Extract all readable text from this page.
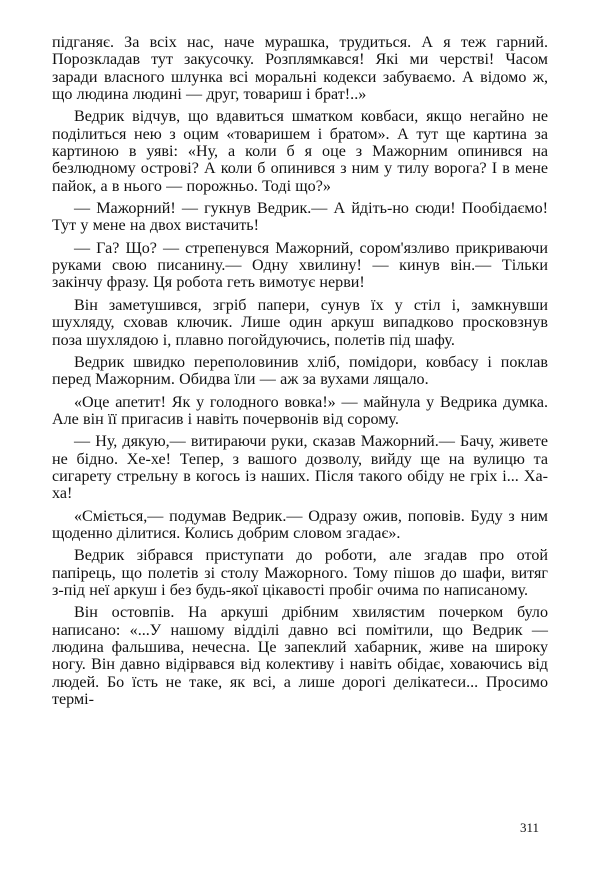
підганяє. За всіх нас, наче мурашка, трудиться. А я теж гарний. Порозкладав тут закусочку. Розплямкався! Які ми черстві! Часом заради власного шлунка всі моральні кодекси забуваємо. А відомо ж, що людина людині — друг, товариш і брат!..»

Ведрик відчув, що вдавиться шматком ковбаси, якщо негайно не поділиться нею з оцим «товаришем і братом». А тут ще картина за картиною в уяві: «Ну, а коли б я оце з Мажорним опинився на безлюдному острові? А коли б опинився з ним у тилу ворога? І в мене пайок, а в нього — порожньо. Тоді що?»

— Мажорний! — гукнув Ведрик.— А йдіть-но сюди! Пообідаємо! Тут у мене на двох вистачить!

— Га? Що? — стрепенувся Мажорний, сором'язливо прикриваючи руками свою писанину.— Одну хвилину! — кинув він.— Тільки закінчу фразу. Ця робота геть вимотує нерви!

Він заметушився, згріб папери, сунув їх у стіл і, замкнувши шухляду, сховав ключик. Лише один аркуш випадково просковзнув поза шухлядою і, плавно погойдуючись, полетів під шафу.

Ведрик швидко переполовинив хліб, помідори, ковбасу і поклав перед Мажорним. Обидва їли — аж за вухами лящало.

«Оце апетит! Як у голодного вовка!» — майнула у Ведрика думка. Але він її пригасив і навіть почервонів від сорому.

— Ну, дякую,— витираючи руки, сказав Мажорний.— Бачу, живете не бідно. Хе-хе! Тепер, з вашого дозволу, вийду ще на вулицю та сигарету стрельну в когось із наших. Після такого обіду не гріх і... Ха-ха!

«Сміється,— подумав Ведрик.— Одразу ожив, поповів. Буду з ним щоденно ділитися. Колись добрим словом згадає».

Ведрик зібрався приступати до роботи, але згадав про отой папірець, що полетів зі столу Мажорного. Тому пішов до шафи, витяг з-під неї аркуш і без будь-якої цікавості пробіг очима по написаному.

Він остовпів. На аркуші дрібним хвилястим почерком було написано: «...У нашому відділі давно всі помітили, що Ведрик — людина фальшива, нечесна. Це запеклий хабарник, живе на широку ногу. Він давно відірвався від колективу і навіть обідає, ховаючись від людей. Бо їсть не таке, як всі, а лише дорогі делікатеси... Просимо термі-

311
